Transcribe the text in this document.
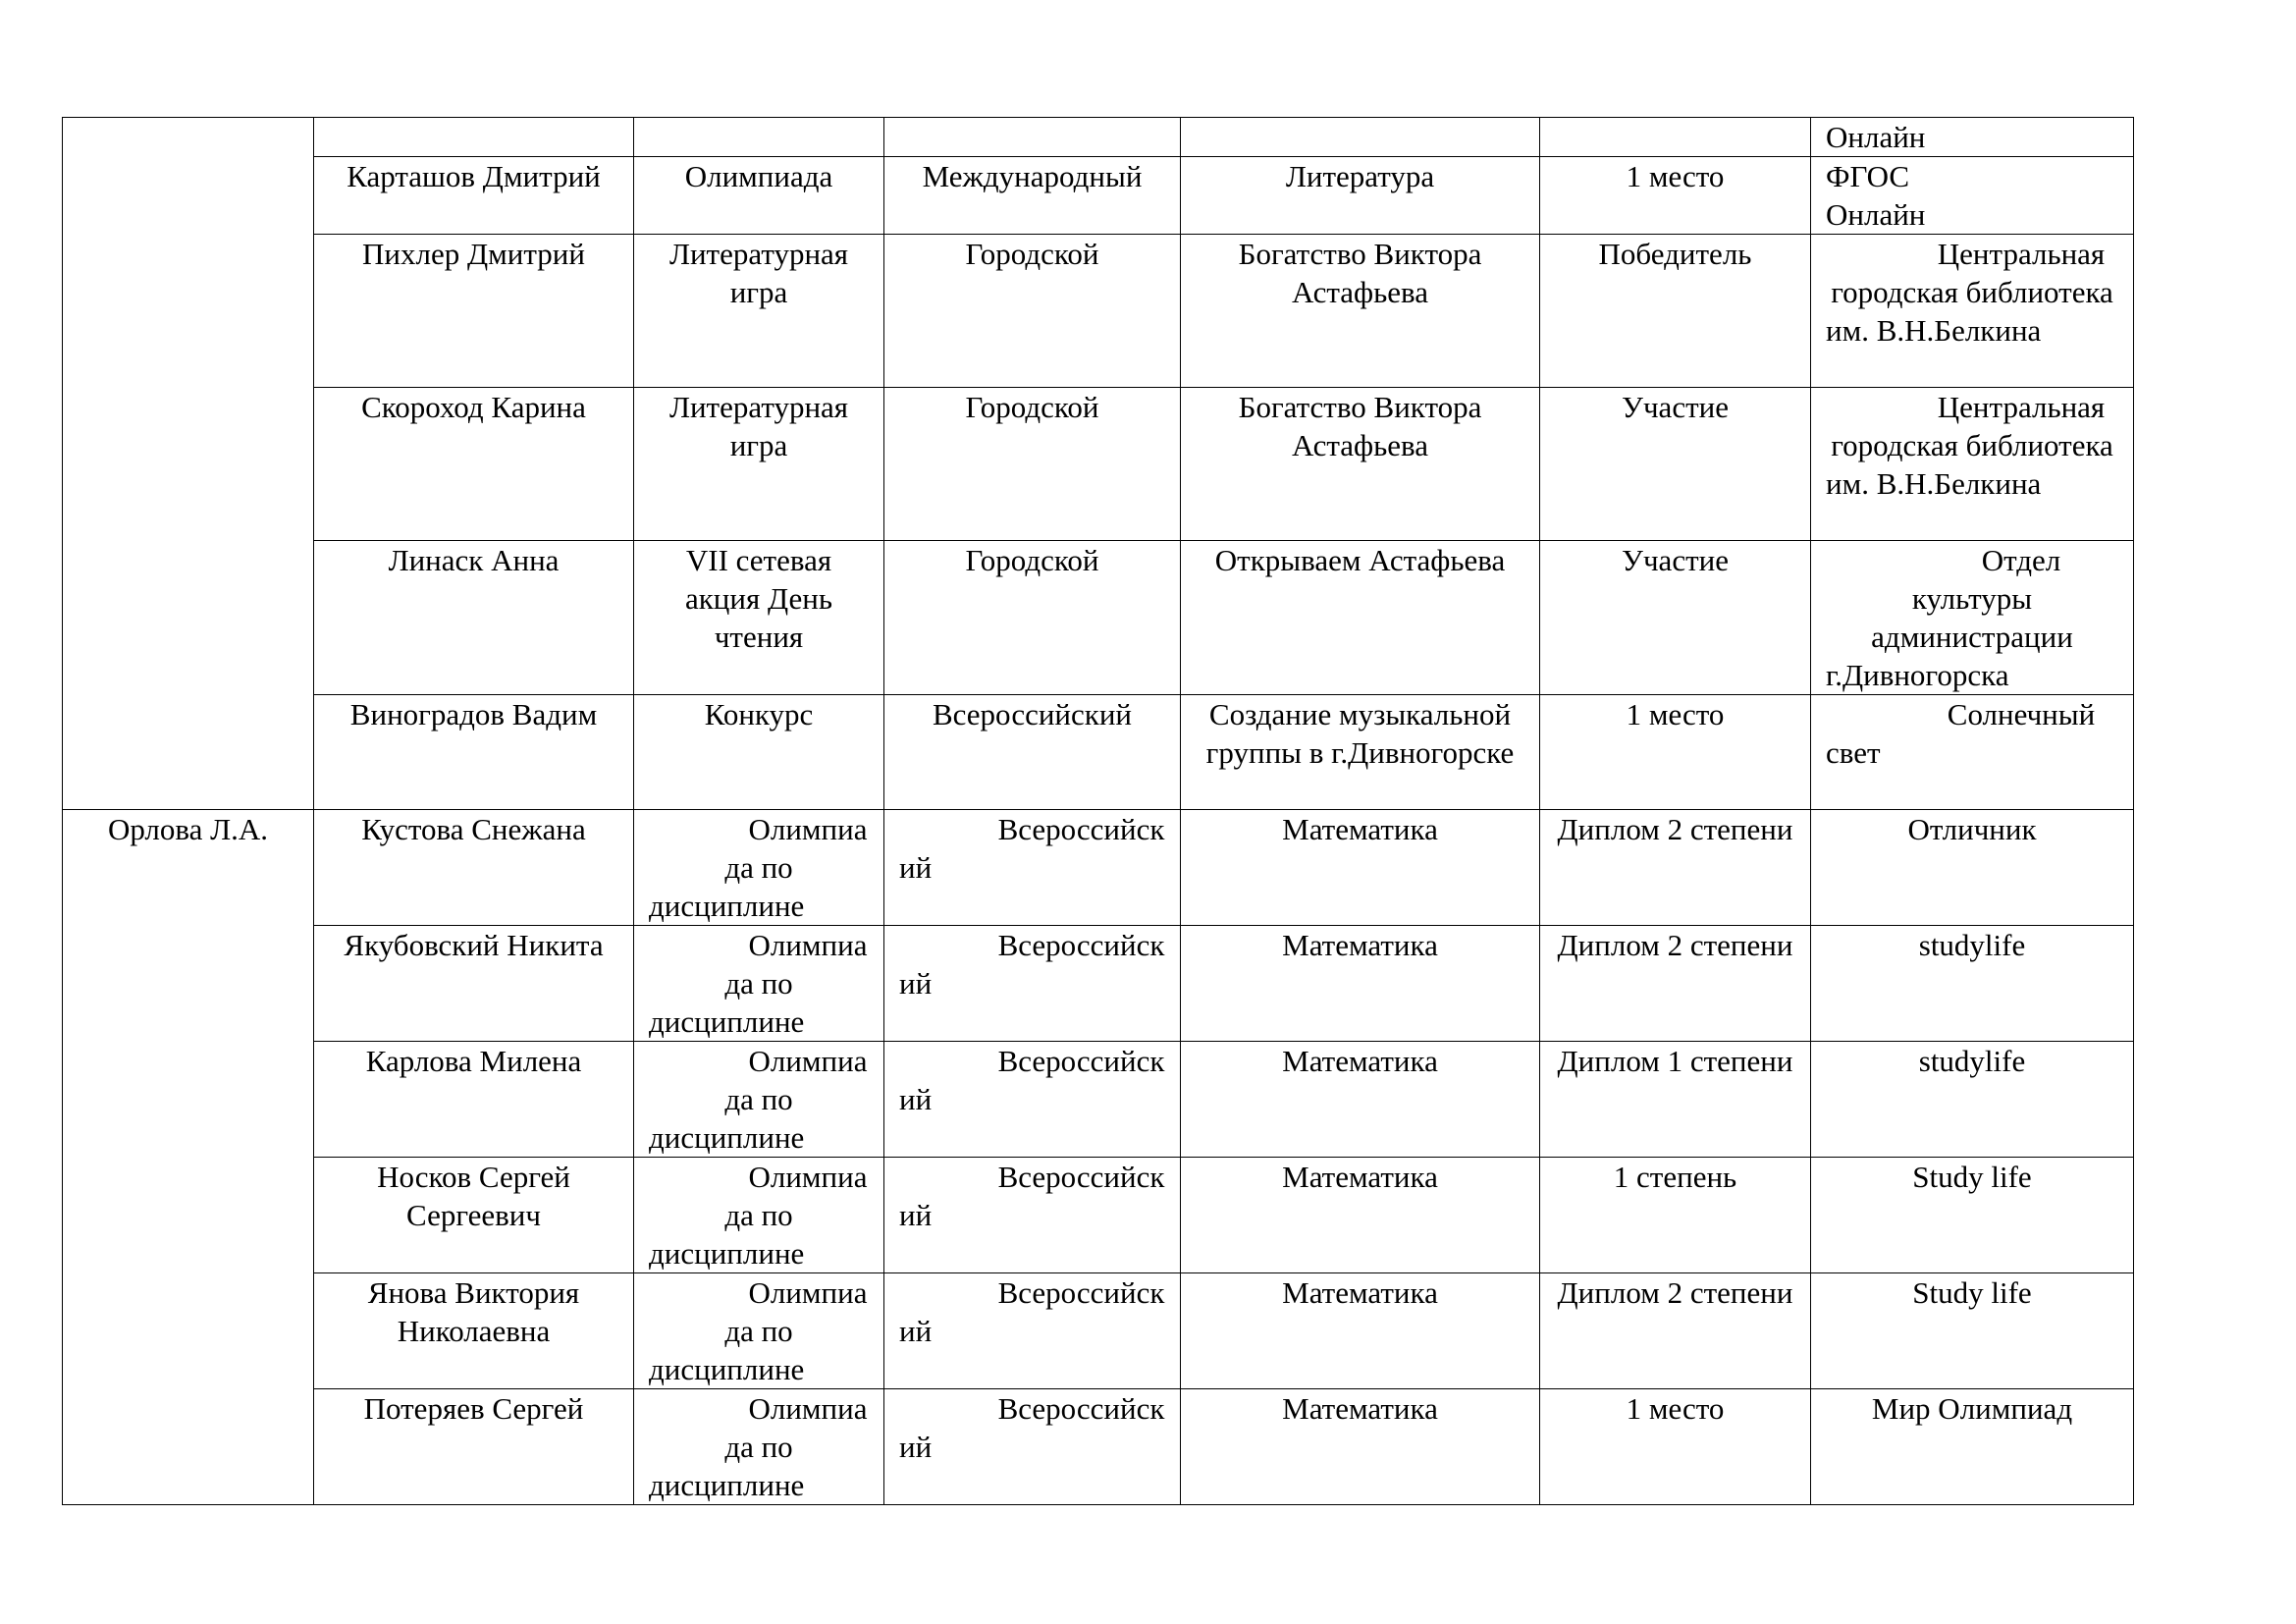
						Онлайн

	Карташов Дмитрий	Олимпиада	Международный	Литература	1 место	ФГОС
Онлайн

	Пихлер Дмитрий	Литературная игра	Городской	Богатство Виктора Астафьева	Победитель	Центральная городская библиотека им. В.Н.Белкина
	Скороход Карина	Литературная игра	Городской	Богатство Виктора Астафьева	Участие	Центральная городская библиотека им. В.Н.Белкина
	Линаск Анна	VII сетевая акция День чтения	Городской	Открываем Астафьева	Участие	Отдел культуры администрации г.Дивногорска
	Виноградов Вадим	Конкурс	Всероссийский	Создание музыкальной группы в г.Дивногорске	1 место	Солнечный свет
Орлова Л.А.	Кустова Снежана	Олимпиада по дисциплине	Всероссийский	Математика	Диплом 2 степени	Отличник
	Якубовский Никита	Олимпиада по дисциплине	Всероссийский	Математика	Диплом 2 степени	studylife
	Карлова Милена	Олимпиада по дисциплине	Всероссийский	Математика	Диплом 1 степени	studylife
	Носков Сергей Сергеевич	Олимпиада по дисциплине	Всероссийский	Математика	1 степень	Study life
	Янова Виктория Николаевна	Олимпиада по дисциплине	Всероссийский	Математика	Диплом 2 степени	Study life
	Потеряев Сергей	Олимпиада по дисциплине	Всероссийский	Математика	1 место	Мир Олимпиад
